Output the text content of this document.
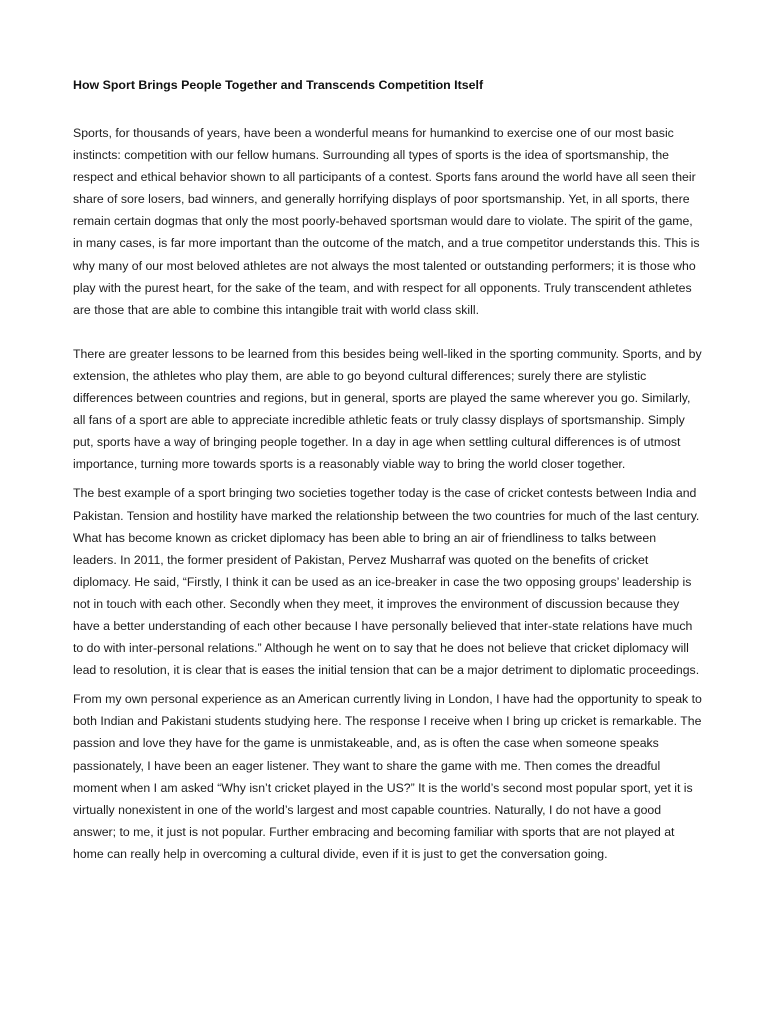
How Sport Brings People Together and Transcends Competition Itself

Sports, for thousands of years, have been a wonderful means for humankind to exercise one of our most basic instincts: competition with our fellow humans. Surrounding all types of sports is the idea of sportsmanship, the respect and ethical behavior shown to all participants of a contest. Sports fans around the world have all seen their share of sore losers, bad winners, and generally horrifying displays of poor sportsmanship. Yet, in all sports, there remain certain dogmas that only the most poorly-behaved sportsman would dare to violate. The spirit of the game, in many cases, is far more important than the outcome of the match, and a true competitor understands this. This is why many of our most beloved athletes are not always the most talented or outstanding performers; it is those who play with the purest heart, for the sake of the team, and with respect for all opponents. Truly transcendent athletes are those that are able to combine this intangible trait with world class skill.

There are greater lessons to be learned from this besides being well-liked in the sporting community. Sports, and by extension, the athletes who play them, are able to go beyond cultural differences; surely there are stylistic differences between countries and regions, but in general, sports are played the same wherever you go. Similarly, all fans of a sport are able to appreciate incredible athletic feats or truly classy displays of sportsmanship. Simply put, sports have a way of bringing people together. In a day in age when settling cultural differences is of utmost importance, turning more towards sports is a reasonably viable way to bring the world closer together.

The best example of a sport bringing two societies together today is the case of cricket contests between India and Pakistan. Tension and hostility have marked the relationship between the two countries for much of the last century. What has become known as cricket diplomacy has been able to bring an air of friendliness to talks between leaders. In 2011, the former president of Pakistan, Pervez Musharraf was quoted on the benefits of cricket diplomacy. He said, “Firstly, I think it can be used as an ice-breaker in case the two opposing groups’ leadership is not in touch with each other. Secondly when they meet, it improves the environment of discussion because they have a better understanding of each other because I have personally believed that inter-state relations have much to do with inter-personal relations.” Although he went on to say that he does not believe that cricket diplomacy will lead to resolution, it is clear that is eases the initial tension that can be a major detriment to diplomatic proceedings.

From my own personal experience as an American currently living in London, I have had the opportunity to speak to both Indian and Pakistani students studying here. The response I receive when I bring up cricket is remarkable. The passion and love they have for the game is unmistakeable, and, as is often the case when someone speaks passionately, I have been an eager listener. They want to share the game with me. Then comes the dreadful moment when I am asked “Why isn’t cricket played in the US?” It is the world’s second most popular sport, yet it is virtually nonexistent in one of the world’s largest and most capable countries. Naturally, I do not have a good answer; to me, it just is not popular. Further embracing and becoming familiar with sports that are not played at home can really help in overcoming a cultural divide, even if it is just to get the conversation going.
